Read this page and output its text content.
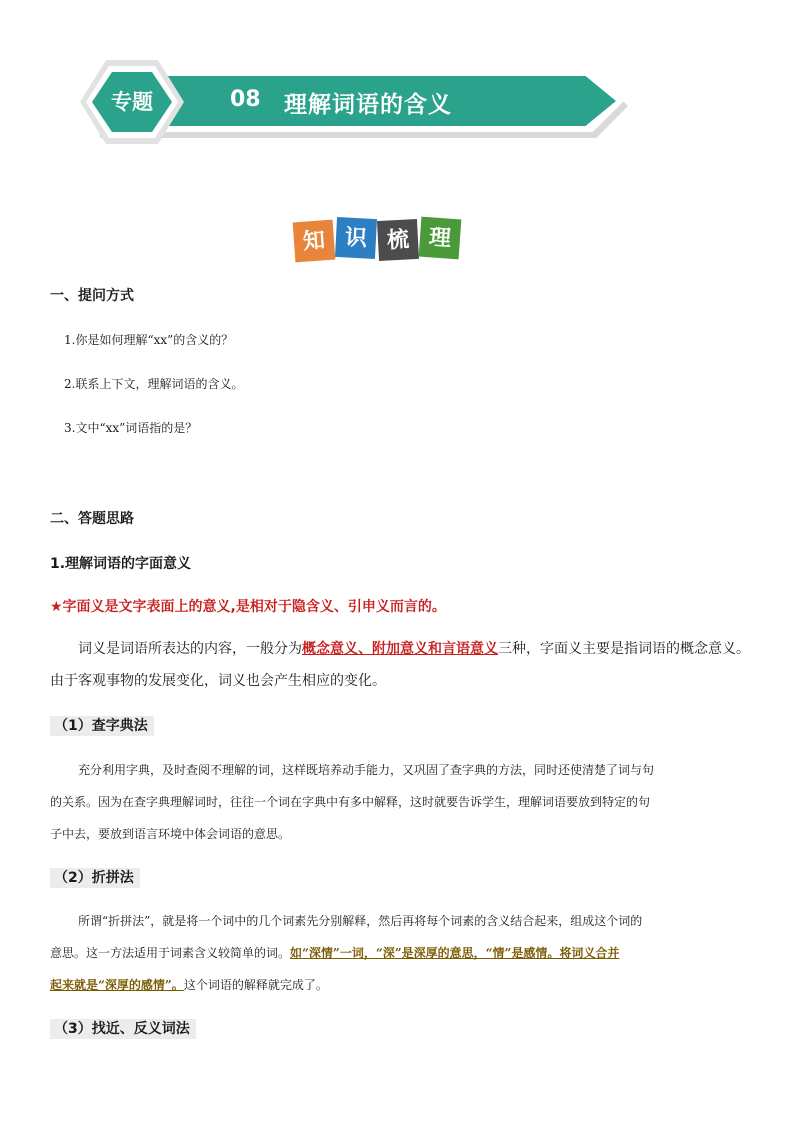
专题	08 理解词语的含义
知 识 梳 理
一、提问方式
1.你是如何理解“xx”的含义的？
2.联系上下文，理解词语的含义。
3.文中“xx”词语指的是？
二、答题思路
1.理解词语的字面意义
★字面义是文字表面上的意义,是相对于隐含义、引申义而言的。
词义是词语所表达的内容，一般分为概念意义、附加意义和言语意义三种，字面义主要是指词语的概念意义。
由于客观事物的发展变化，词义也会产生相应的变化。
（1）查字典法
充分利用字典，及时查阅不理解的词，这样既培养动手能力，又巩固了查字典的方法，同时还使清楚了词与句
的关系。因为在查字典理解词时，往往一个词在字典中有多中解释，这时就要告诉学生，理解词语要放到特定的句
子中去，要放到语言环境中体会词语的意思。
（2）折拼法
所谓“折拼法”，就是将一个词中的几个词素先分别解释，然后再将每个词素的含义结合起来，组成这个词的
意思。这一方法适用于词素含义较简单的词。如“深情”一词，“深”是深厚的意思，“情”是感情。将词义合并
起来就是“深厚的感情”。这个词语的解释就完成了。
（3）找近、反义词法
